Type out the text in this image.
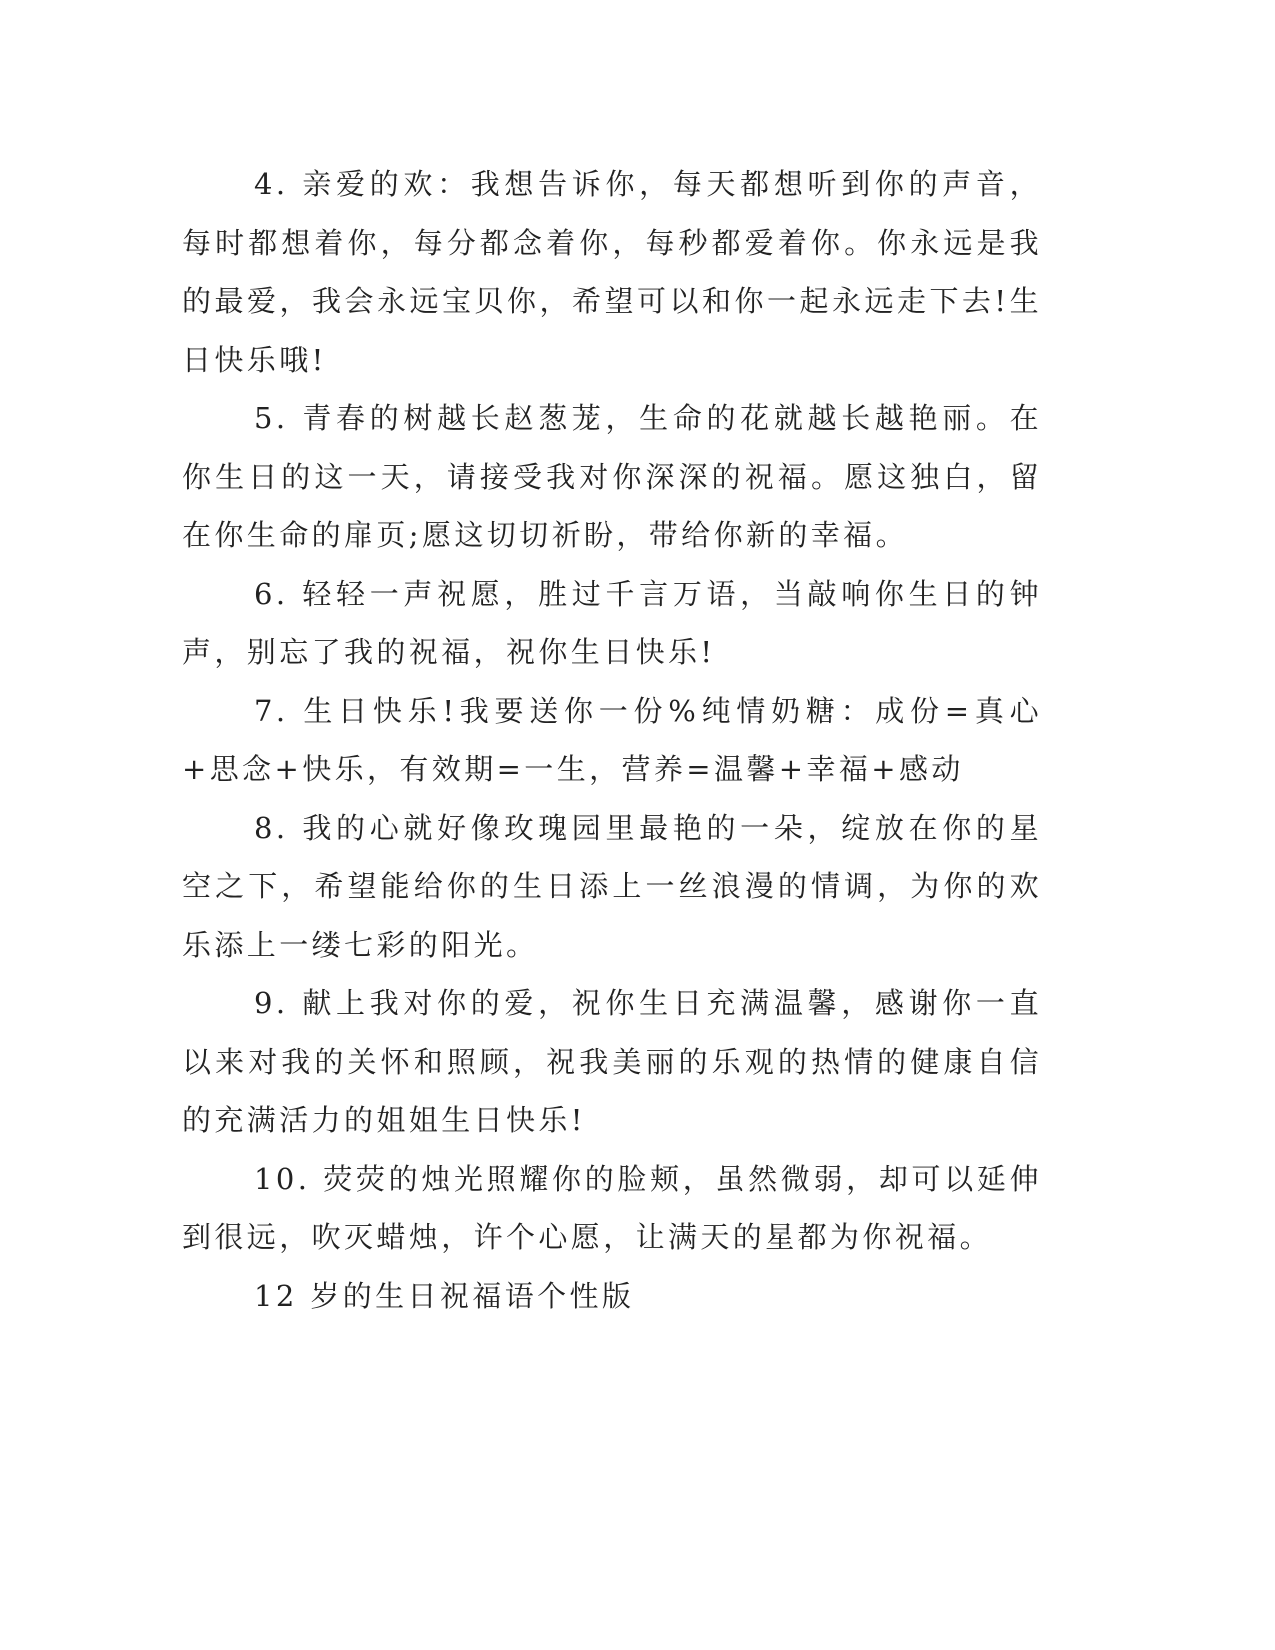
4. 亲爱的欢：我想告诉你，每天都想听到你的声音，每时都想着你，每分都念着你，每秒都爱着你。你永远是我的最爱，我会永远宝贝你，希望可以和你一起永远走下去!生日快乐哦!

5. 青春的树越长赵葱茏，生命的花就越长越艳丽。在你生日的这一天，请接受我对你深深的祝福。愿这独白，留在你生命的扉页;愿这切切祈盼，带给你新的幸福。

6. 轻轻一声祝愿，胜过千言万语，当敲响你生日的钟声，别忘了我的祝福，祝你生日快乐!

7. 生日快乐!我要送你一份%纯情奶糖：成份=真心+思念+快乐，有效期=一生，营养=温馨+幸福+感动

8. 我的心就好像玫瑰园里最艳的一朵，绽放在你的星空之下，希望能给你的生日添上一丝浪漫的情调，为你的欢乐添上一缕七彩的阳光。

9. 献上我对你的爱，祝你生日充满温馨，感谢你一直以来对我的关怀和照顾，祝我美丽的乐观的热情的健康自信的充满活力的姐姐生日快乐!

10. 荧荧的烛光照耀你的脸颊，虽然微弱，却可以延伸到很远，吹灭蜡烛，许个心愿，让满天的星都为你祝福。

12 岁的生日祝福语个性版
